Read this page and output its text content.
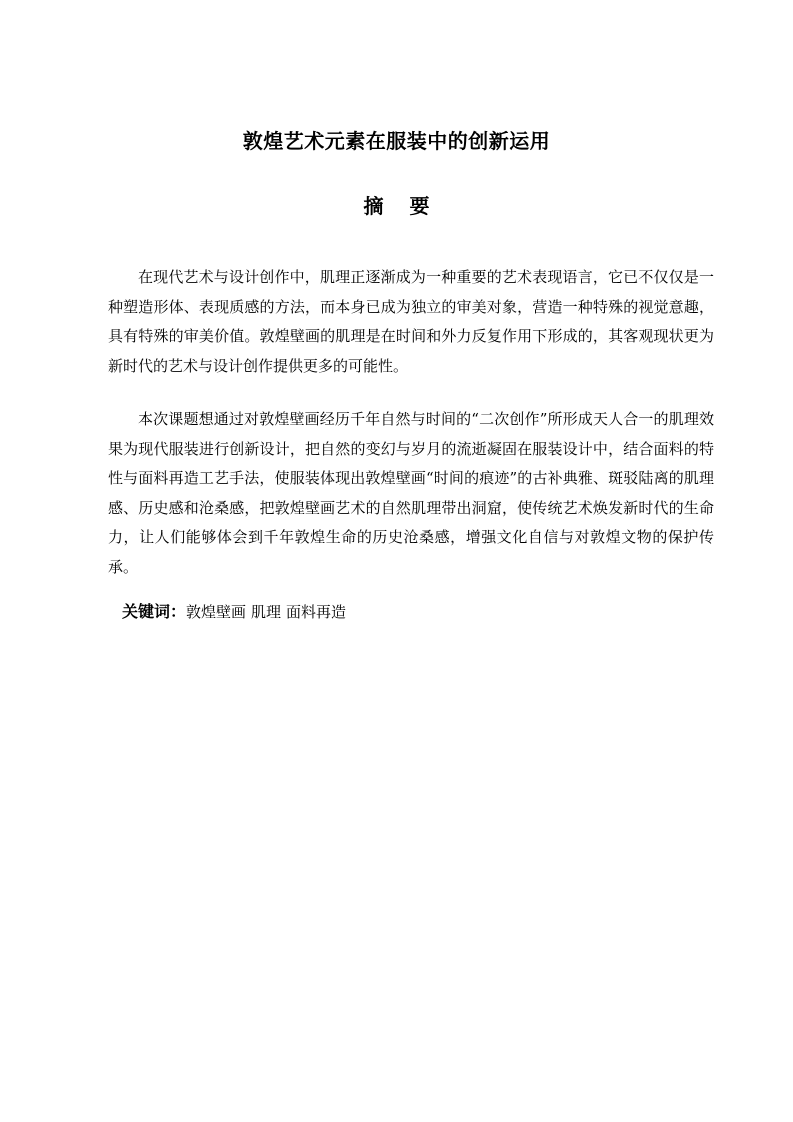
敦煌艺术元素在服装中的创新运用
摘要

在现代艺术与设计创作中，肌理正逐渐成为一种重要的艺术表现语言，它已不仅仅是一种塑造形体、表现质感的方法，而本身已成为独立的审美对象，营造一种特殊的视觉意趣，具有特殊的审美价值。敦煌壁画的肌理是在时间和外力反复作用下形成的，其客观现状更为新时代的艺术与设计创作提供更多的可能性。

本次课题想通过对敦煌壁画经历千年自然与时间的“二次创作”所形成天人合一的肌理效果为现代服装进行创新设计，把自然的变幻与岁月的流逝凝固在服装设计中，结合面料的特性与面料再造工艺手法，使服装体现出敦煌壁画“时间的痕迹”的古补典雅、斑驳陆离的肌理感、历史感和沧桑感，把敦煌壁画艺术的自然肌理带出洞窟，使传统艺术焕发新时代的生命力，让人们能够体会到千年敦煌生命的历史沧桑感，增强文化自信与对敦煌文物的保护传承。

关键词：敦煌壁画 肌理 面料再造
